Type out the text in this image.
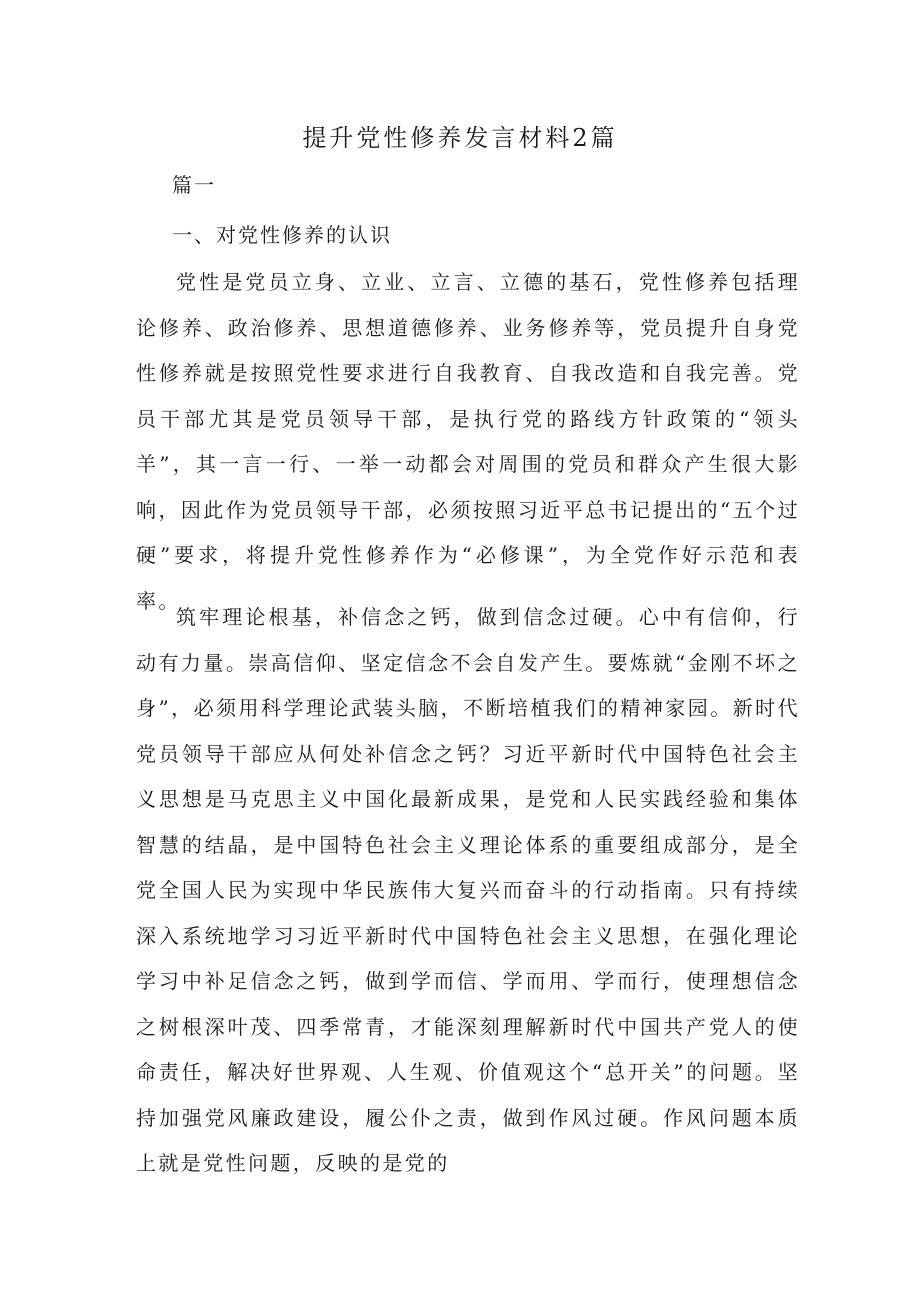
提升党性修养发言材料2篇

篇一

一、对党性修养的认识

党性是党员立身、立业、立言、立德的基石，党性修养包括理论修养、政治修养、思想道德修养、业务修养等，党员提升自身党性修养就是按照党性要求进行自我教育、自我改造和自我完善。党员干部尤其是党员领导干部，是执行党的路线方针政策的“领头羊”，其一言一行、一举一动都会对周围的党员和群众产生很大影响，因此作为党员领导干部，必须按照习近平总书记提出的“五个过硬”要求，将提升党性修养作为“必修课”，为全党作好示范和表率。

筑牢理论根基，补信念之钙，做到信念过硬。心中有信仰，行动有力量。崇高信仰、坚定信念不会自发产生。要炼就“金刚不坏之身”，必须用科学理论武装头脑，不断培植我们的精神家园。新时代党员领导干部应从何处补信念之钙？习近平新时代中国特色社会主义思想是马克思主义中国化最新成果，是党和人民实践经验和集体智慧的结晶，是中国特色社会主义理论体系的重要组成部分，是全党全国人民为实现中华民族伟大复兴而奋斗的行动指南。只有持续深入系统地学习习近平新时代中国特色社会主义思想，在强化理论学习中补足信念之钙，做到学而信、学而用、学而行，使理想信念之树根深叶茂、四季常青，才能深刻理解新时代中国共产党人的使命责任，解决好世界观、人生观、价值观这个“总开关”的问题。坚持加强党风廉政建设，履公仆之责，做到作风过硬。作风问题本质上就是党性问题，反映的是党的
